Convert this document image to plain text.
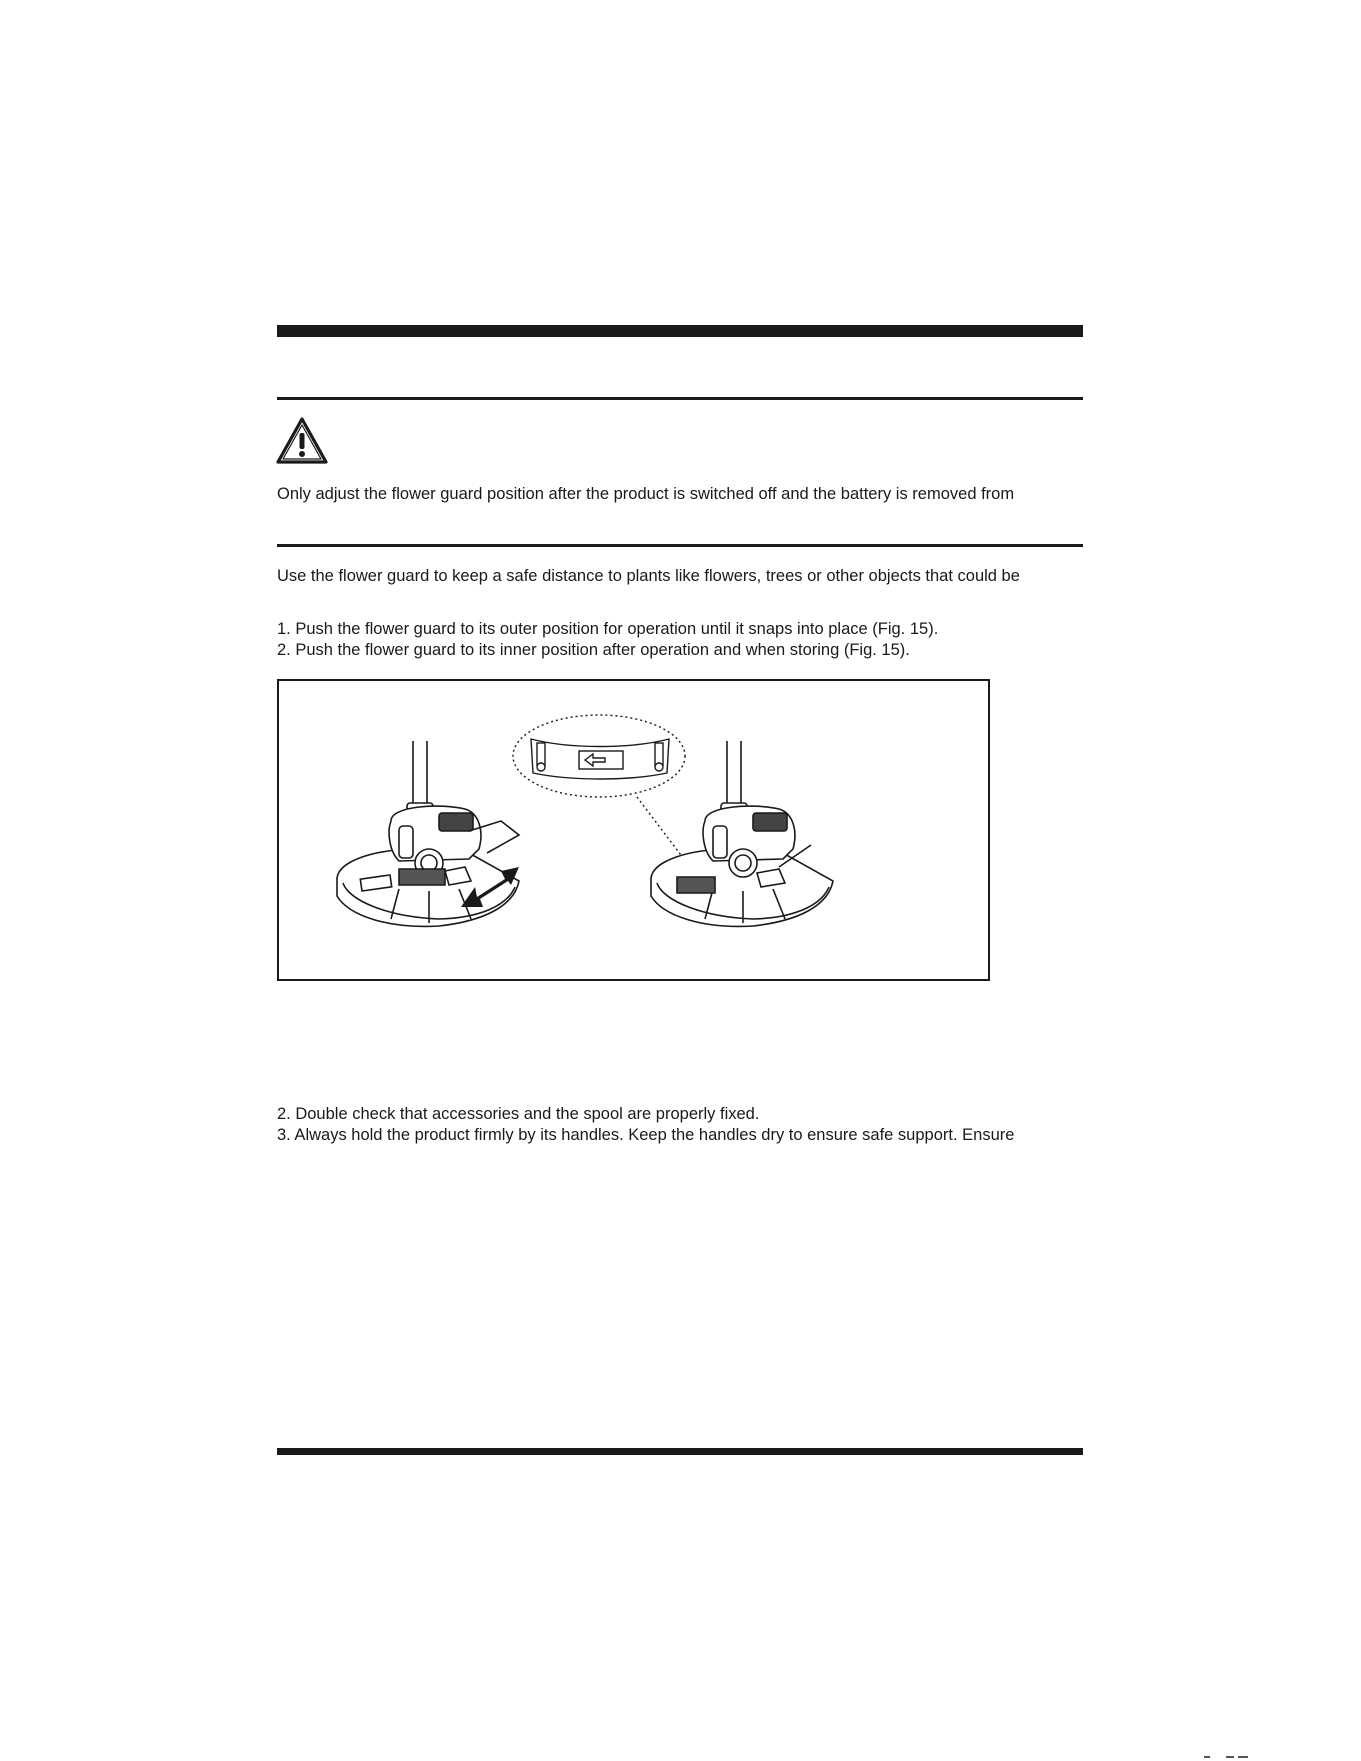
Only adjust the flower guard position after the product is switched off and the battery is removed from
Use the flower guard to keep a safe distance to plants like flowers, trees or other objects that could be
1. Push the flower guard to its outer position for operation until it snaps into place (Fig. 15).
2. Push the flower guard to its inner position after operation and when storing (Fig. 15).
2. Double check that accessories and the spool are properly fixed.
3. Always hold the product firmly by its handles. Keep the handles dry to ensure safe support. Ensure
